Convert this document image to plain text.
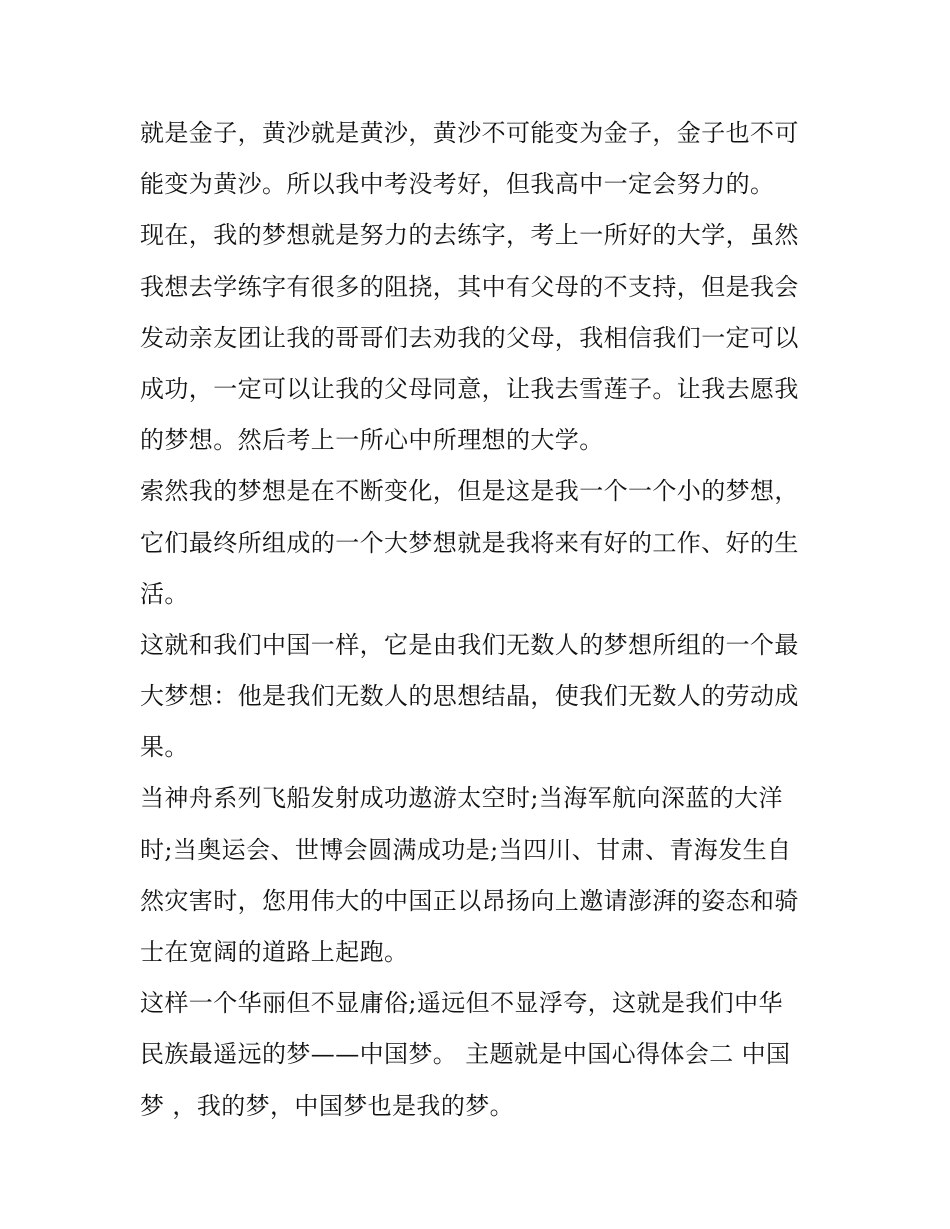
就是金子，黄沙就是黄沙，黄沙不可能变为金子，金子也不可
能变为黄沙。所以我中考没考好，但我高中一定会努力的。
现在，我的梦想就是努力的去练字，考上一所好的大学，虽然
我想去学练字有很多的阻挠，其中有父母的不支持，但是我会
发动亲友团让我的哥哥们去劝我的父母，我相信我们一定可以
成功，一定可以让我的父母同意，让我去雪莲子。让我去愿我
的梦想。然后考上一所心中所理想的大学。
索然我的梦想是在不断变化，但是这是我一个一个小的梦想，
它们最终所组成的一个大梦想就是我将来有好的工作、好的生
活。
这就和我们中国一样，它是由我们无数人的梦想所组的一个最
大梦想：他是我们无数人的思想结晶，使我们无数人的劳动成
果。
当神舟系列飞船发射成功遨游太空时;当海军航向深蓝的大洋
时;当奥运会、世博会圆满成功是;当四川、甘肃、青海发生自
然灾害时，您用伟大的中国正以昂扬向上邀请澎湃的姿态和骑
士在宽阔的道路上起跑。
这样一个华丽但不显庸俗;遥远但不显浮夸，这就是我们中华
民族最遥远的梦——中国梦。 主题就是中国心得体会二 中国
梦 ，我的梦，中国梦也是我的梦。
